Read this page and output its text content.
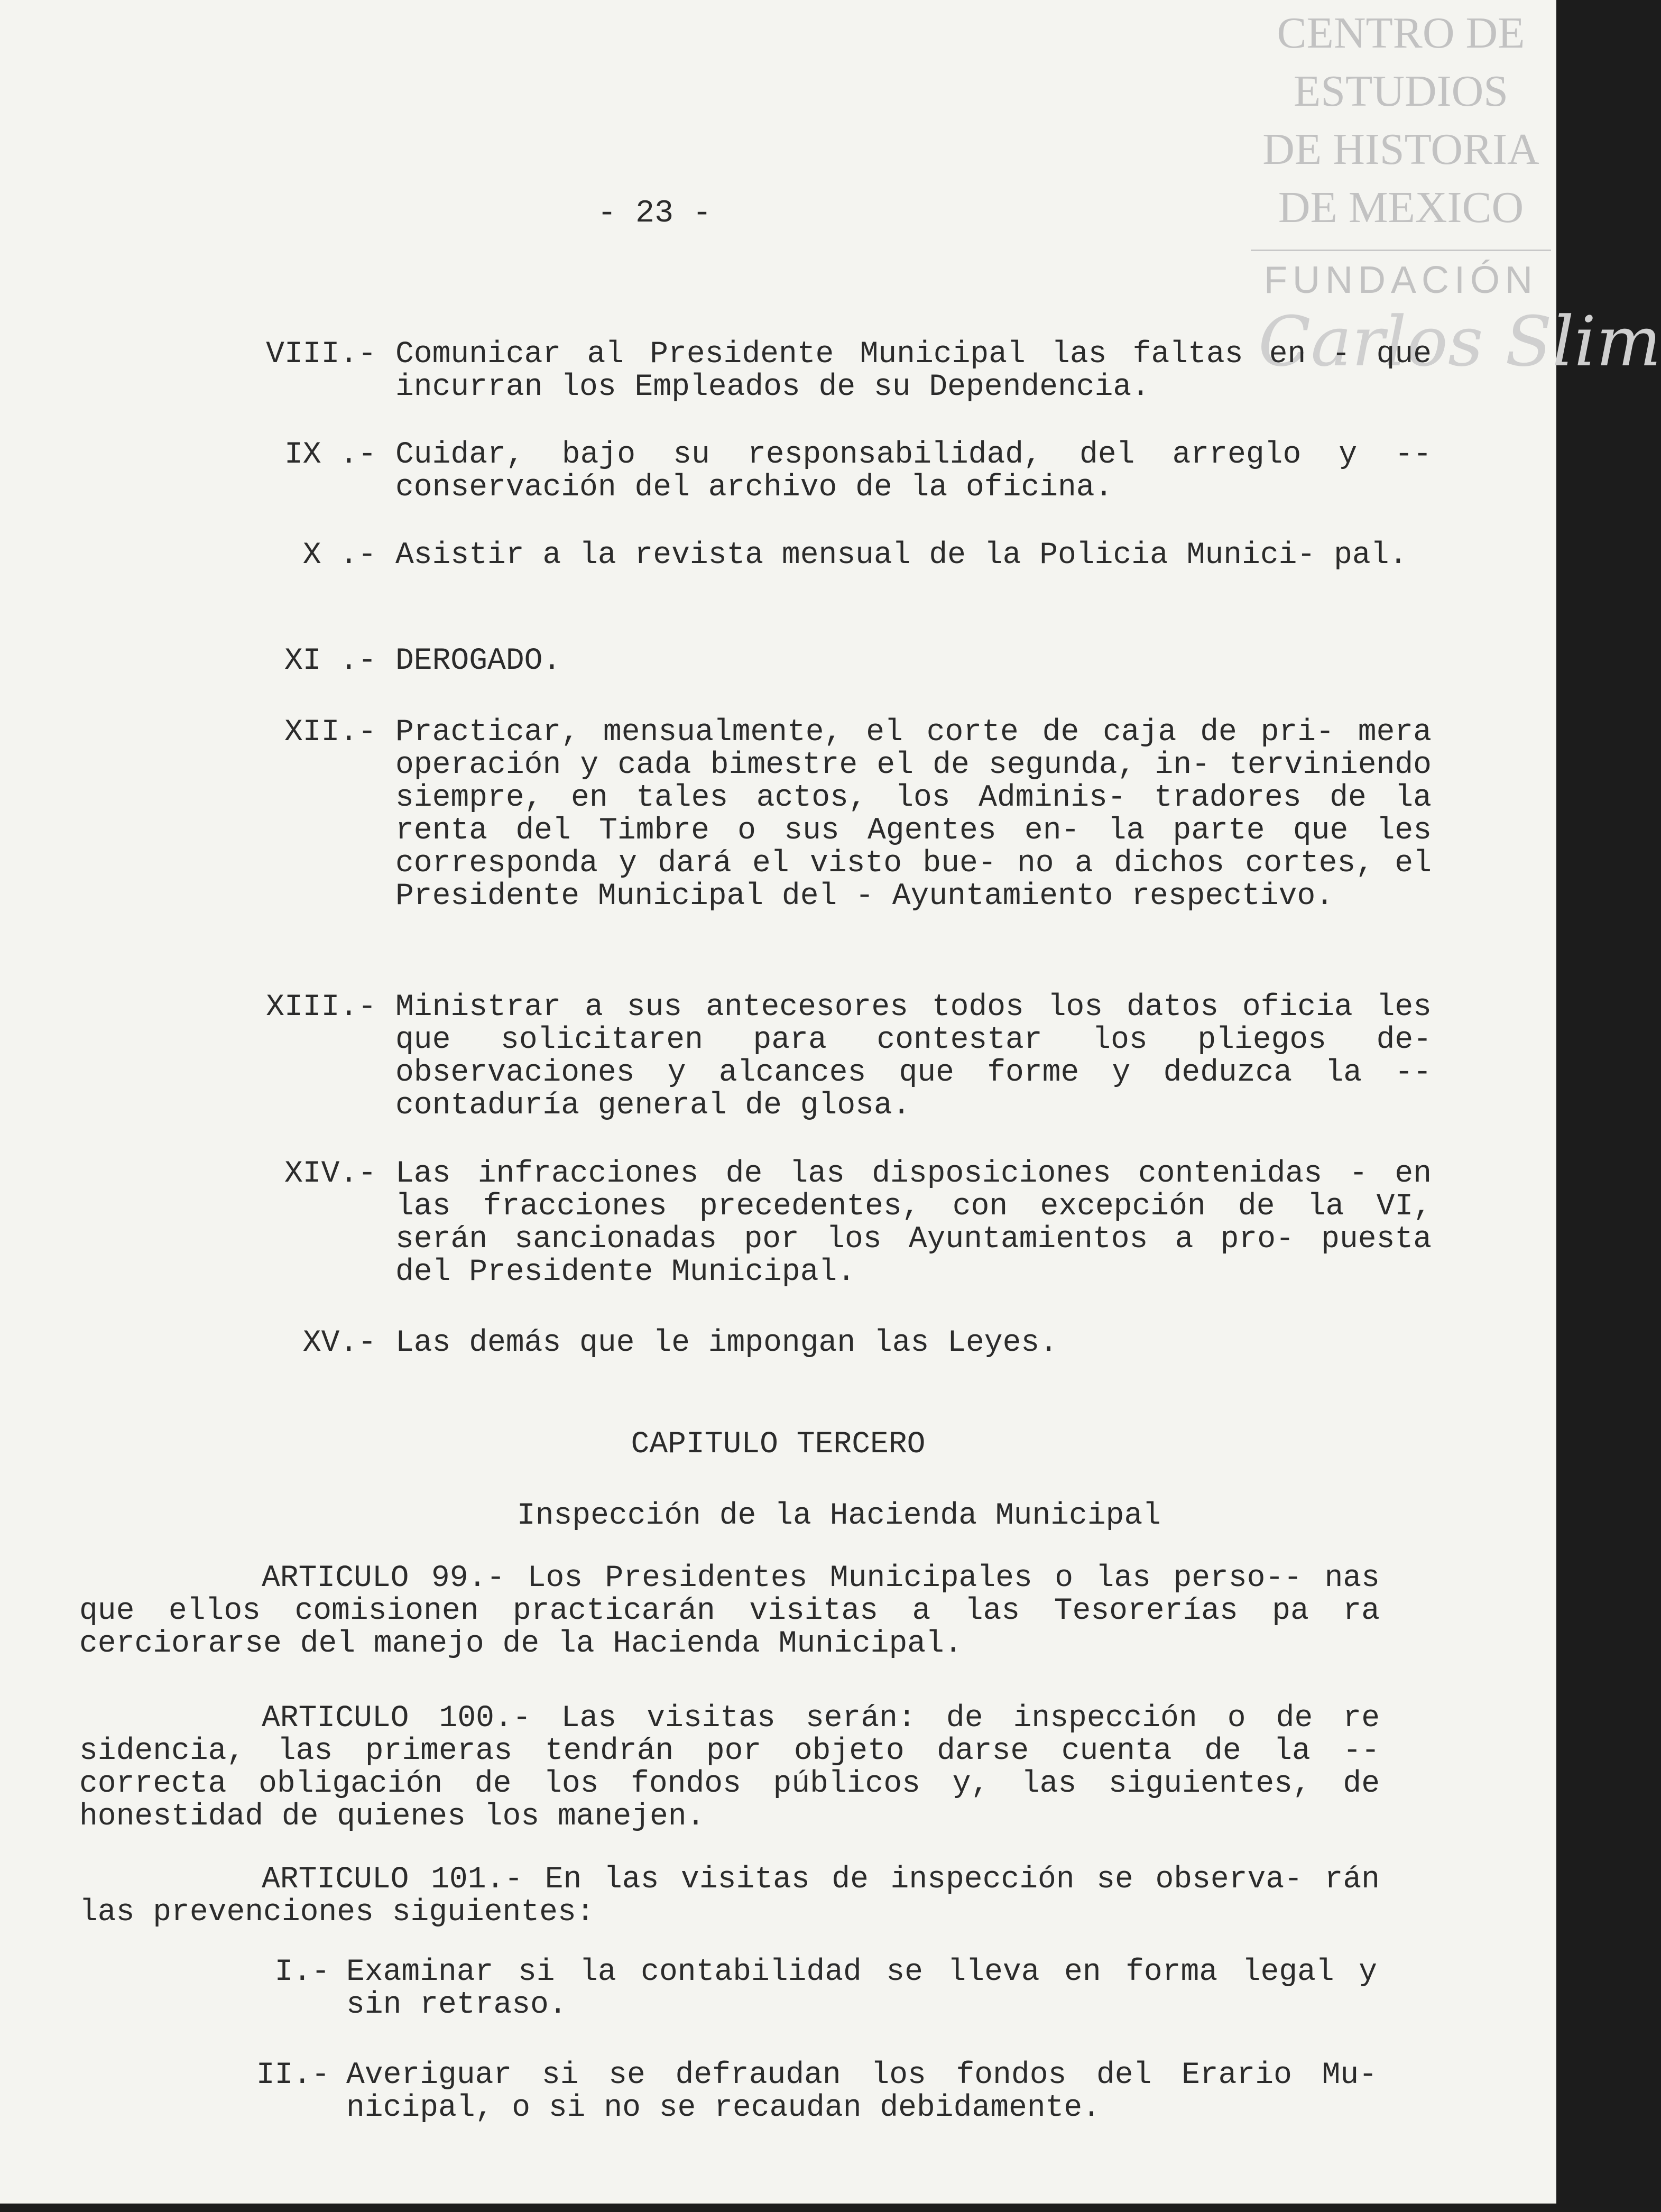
CENTRO DE
ESTUDIOS
DE HISTORIA
DE MEXICO
FUNDACIÓN
Carlos Slim
- 23 -
VIII.- Comunicar al Presidente Municipal las faltas en - que incurran los Empleados de su Dependencia.
IX .- Cuidar, bajo su responsabilidad, del arreglo y -- conservación del archivo de la oficina.
X .- Asistir a la revista mensual de la Policia Munici- pal.
XI .- DEROGADO.
XII.- Practicar, mensualmente, el corte de caja de pri- mera operación y cada bimestre el de segunda, in- terviniendo siempre, en tales actos, los Adminis- tradores de la renta del Timbre o sus Agentes en- la parte que les corresponda y dará el visto bue- no a dichos cortes, el Presidente Municipal del - Ayuntamiento respectivo.
XIII.- Ministrar a sus antecesores todos los datos oficia les que solicitaren para contestar los pliegos de- observaciones y alcances que forme y deduzca la -- contaduría general de glosa.
XIV.- Las infracciones de las disposiciones contenidas - en las fracciones precedentes, con excepción de la VI, serán sancionadas por los Ayuntamientos a pro- puesta del Presidente Municipal.
XV.- Las demás que le impongan las Leyes.
CAPITULO TERCERO
Inspección de la Hacienda Municipal
ARTICULO 99.- Los Presidentes Municipales o las perso-- nas que ellos comisionen practicarán visitas a las Tesorerías pa ra cerciorarse del manejo de la Hacienda Municipal.
ARTICULO 100.- Las visitas serán: de inspección o de re sidencia, las primeras tendrán por objeto darse cuenta de la -- correcta obligación de los fondos públicos y, las siguientes, de honestidad de quienes los manejen.
ARTICULO 101.- En las visitas de inspección se observa- rán las prevenciones siguientes:
I.- Examinar si la contabilidad se lleva en forma legal y sin retraso.
II.- Averiguar si se defraudan los fondos del Erario Mu- nicipal, o si no se recaudan debidamente.
